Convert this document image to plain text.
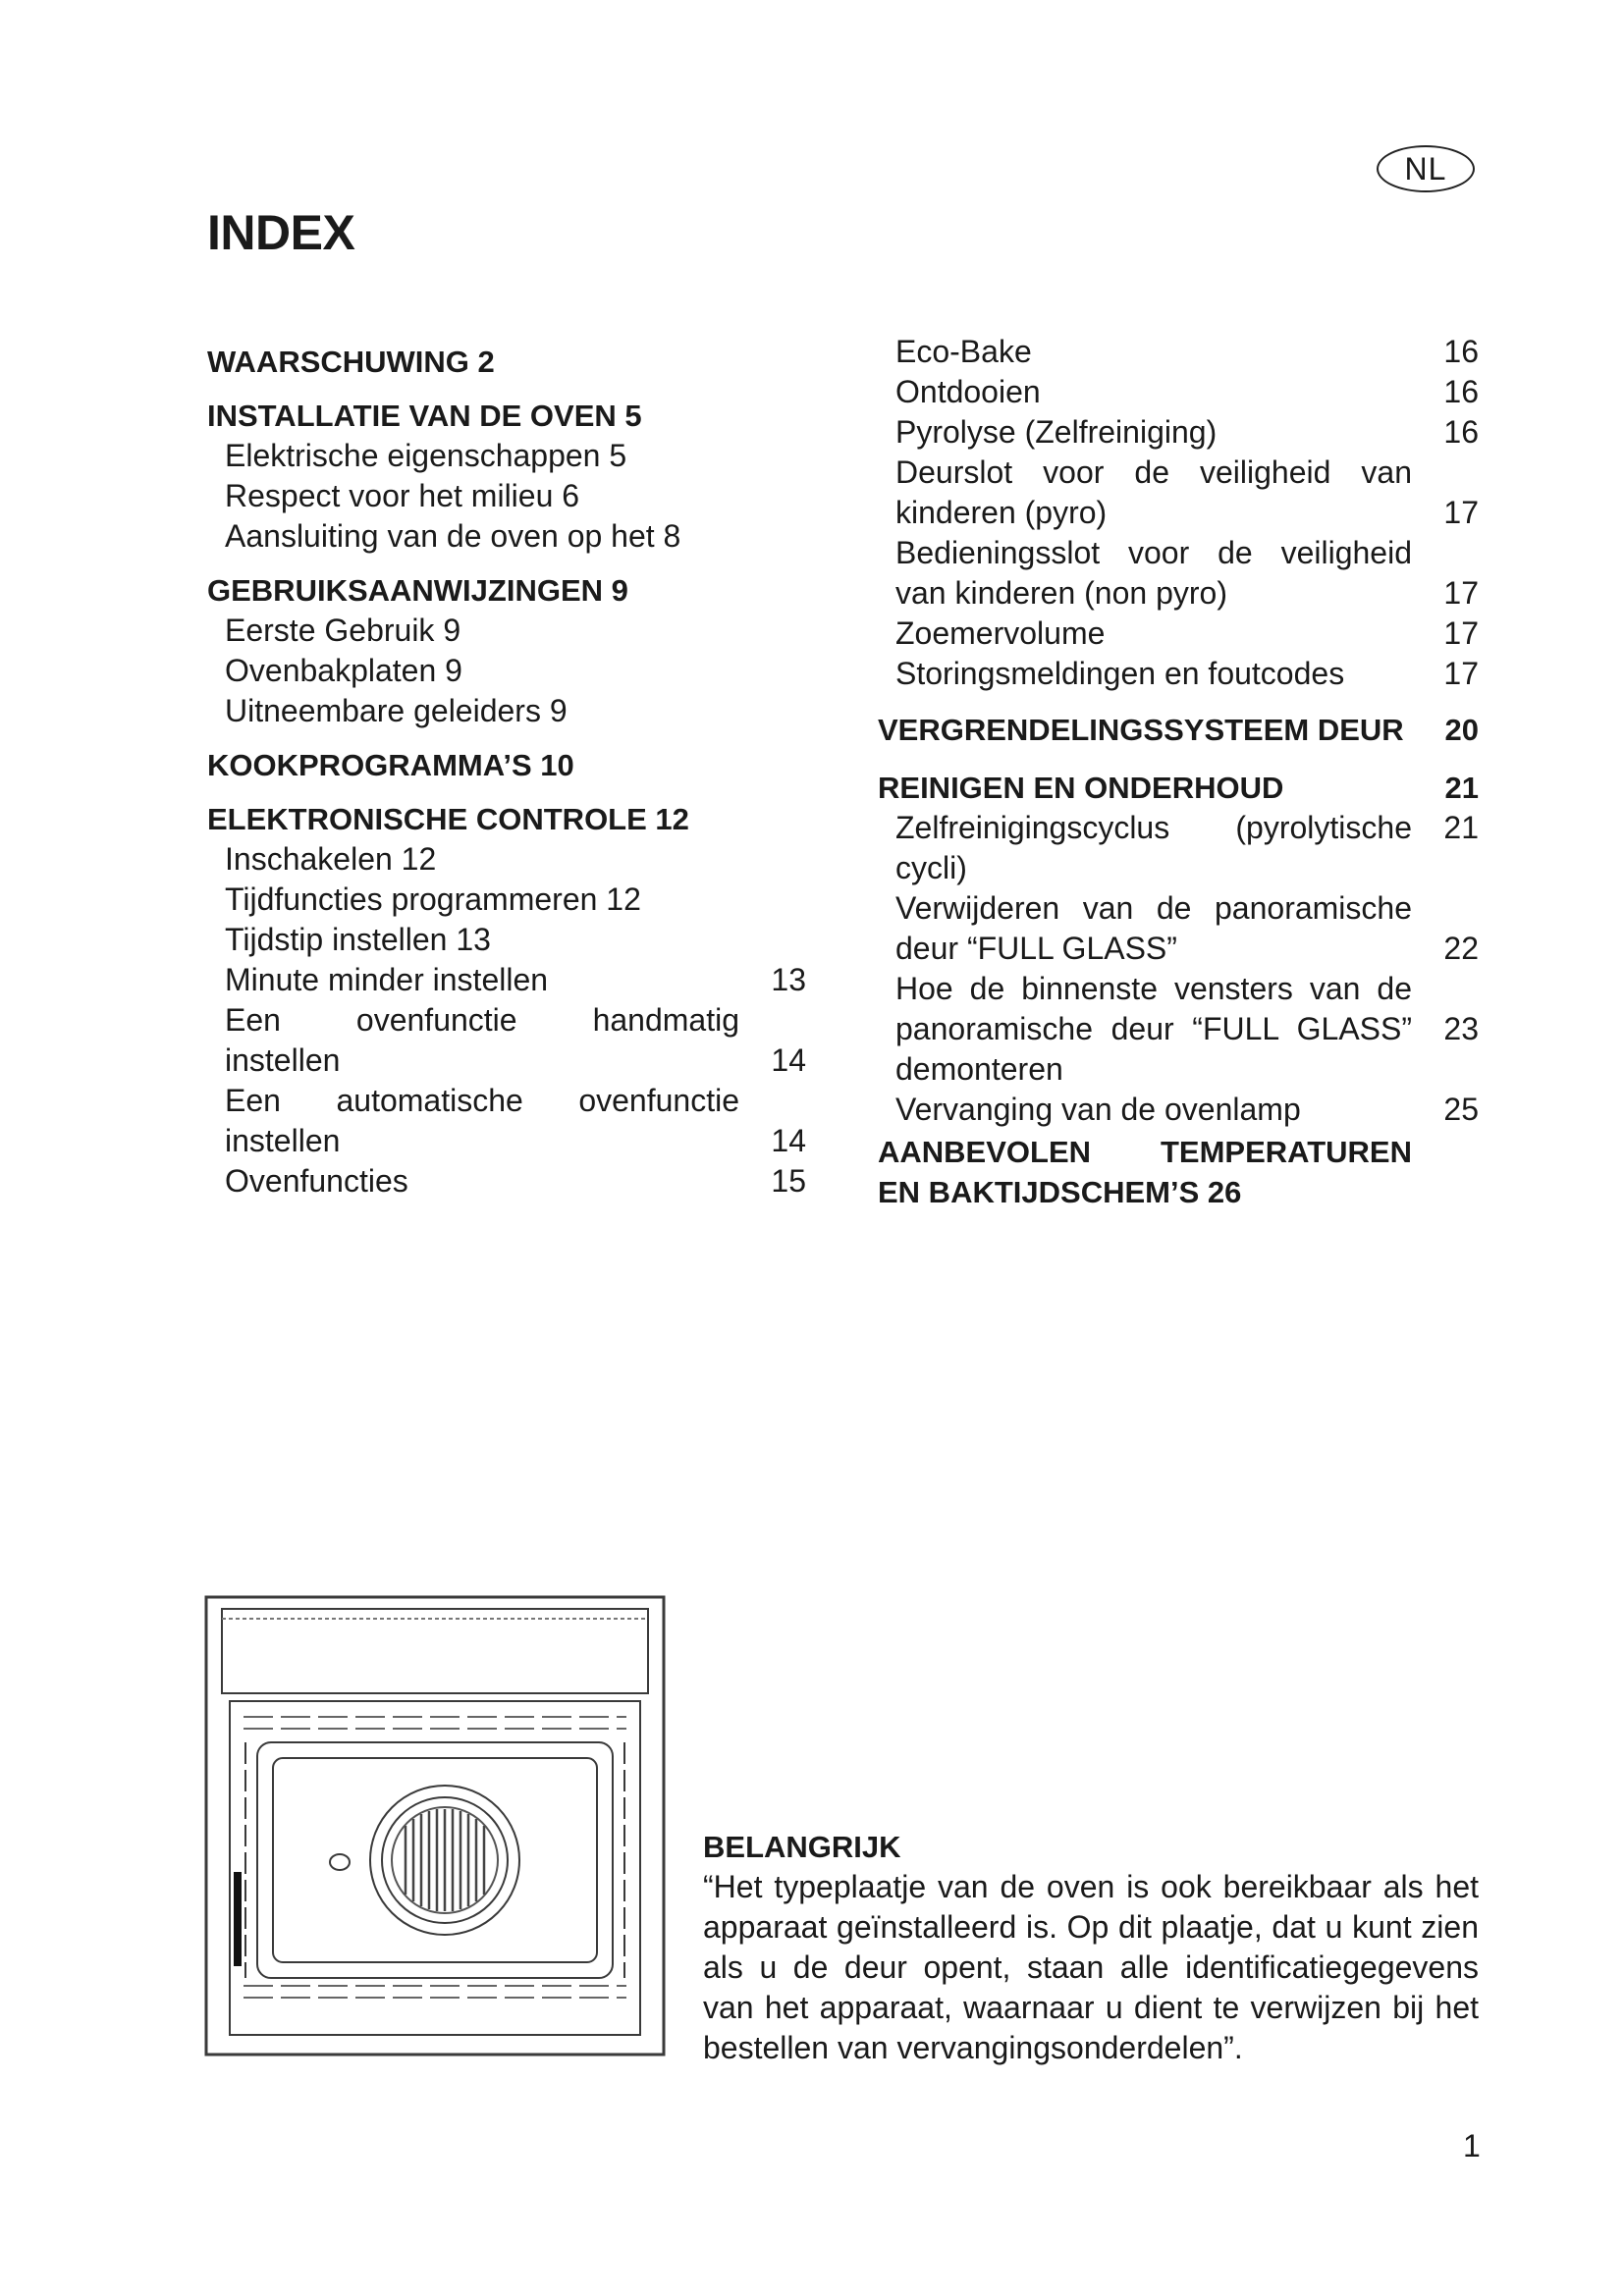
NL
INDEX

WAARSCHUWING 2

INSTALLATIE VAN DE OVEN 5

Elektrische eigenschappen 5

Respect voor het milieu 6

Aansluiting van de oven op het 8

GEBRUIKSAANWIJZINGEN 9

Eerste Gebruik 9

Ovenbakplaten 9

Uitneembare geleiders 9

KOOKPROGRAMMA’S 10

ELEKTRONISCHE CONTROLE 12

Inschakelen 12

Tijdfuncties programmeren 12

Tijdstip instellen 13

Minute minder instellen	13
Een ovenfunctie handmatig
instellen	14
Een automatische ovenfunctie
instellen	14
Ovenfuncties	15
Eco-Bake	16
Ontdooien	16
Pyrolyse (Zelfreiniging)	16
Deurslot voor de veiligheid van
kinderen (pyro)	17
Bedieningsslot voor de veiligheid
van kinderen (non pyro)	17
Zoemervolume	17
Storingsmeldingen en foutcodes	17
VERGRENDELINGSSYSTEEM DEUR	20
REINIGEN EN ONDERHOUD	21
Zelfreinigingscyclus (pyrolytische	21
cycli)
Verwijderen van de panoramische
deur “FULL GLASS”	22
Hoe de binnenste vensters van de
panoramische deur “FULL GLASS”	23
demonteren
Vervanging van de ovenlamp	25
AANBEVOLEN TEMPERATUREN
EN BAKTIJDSCHEM’S 26

BELANGRIJK

“Het typeplaatje van de oven is ook bereikbaar als het apparaat geïnstalleerd is. Op dit plaatje, dat u kunt zien als u de deur opent, staan alle identificatiegegevens van het apparaat, waarnaar u dient te verwijzen bij het bestellen van vervangingsonderdelen”.

1
